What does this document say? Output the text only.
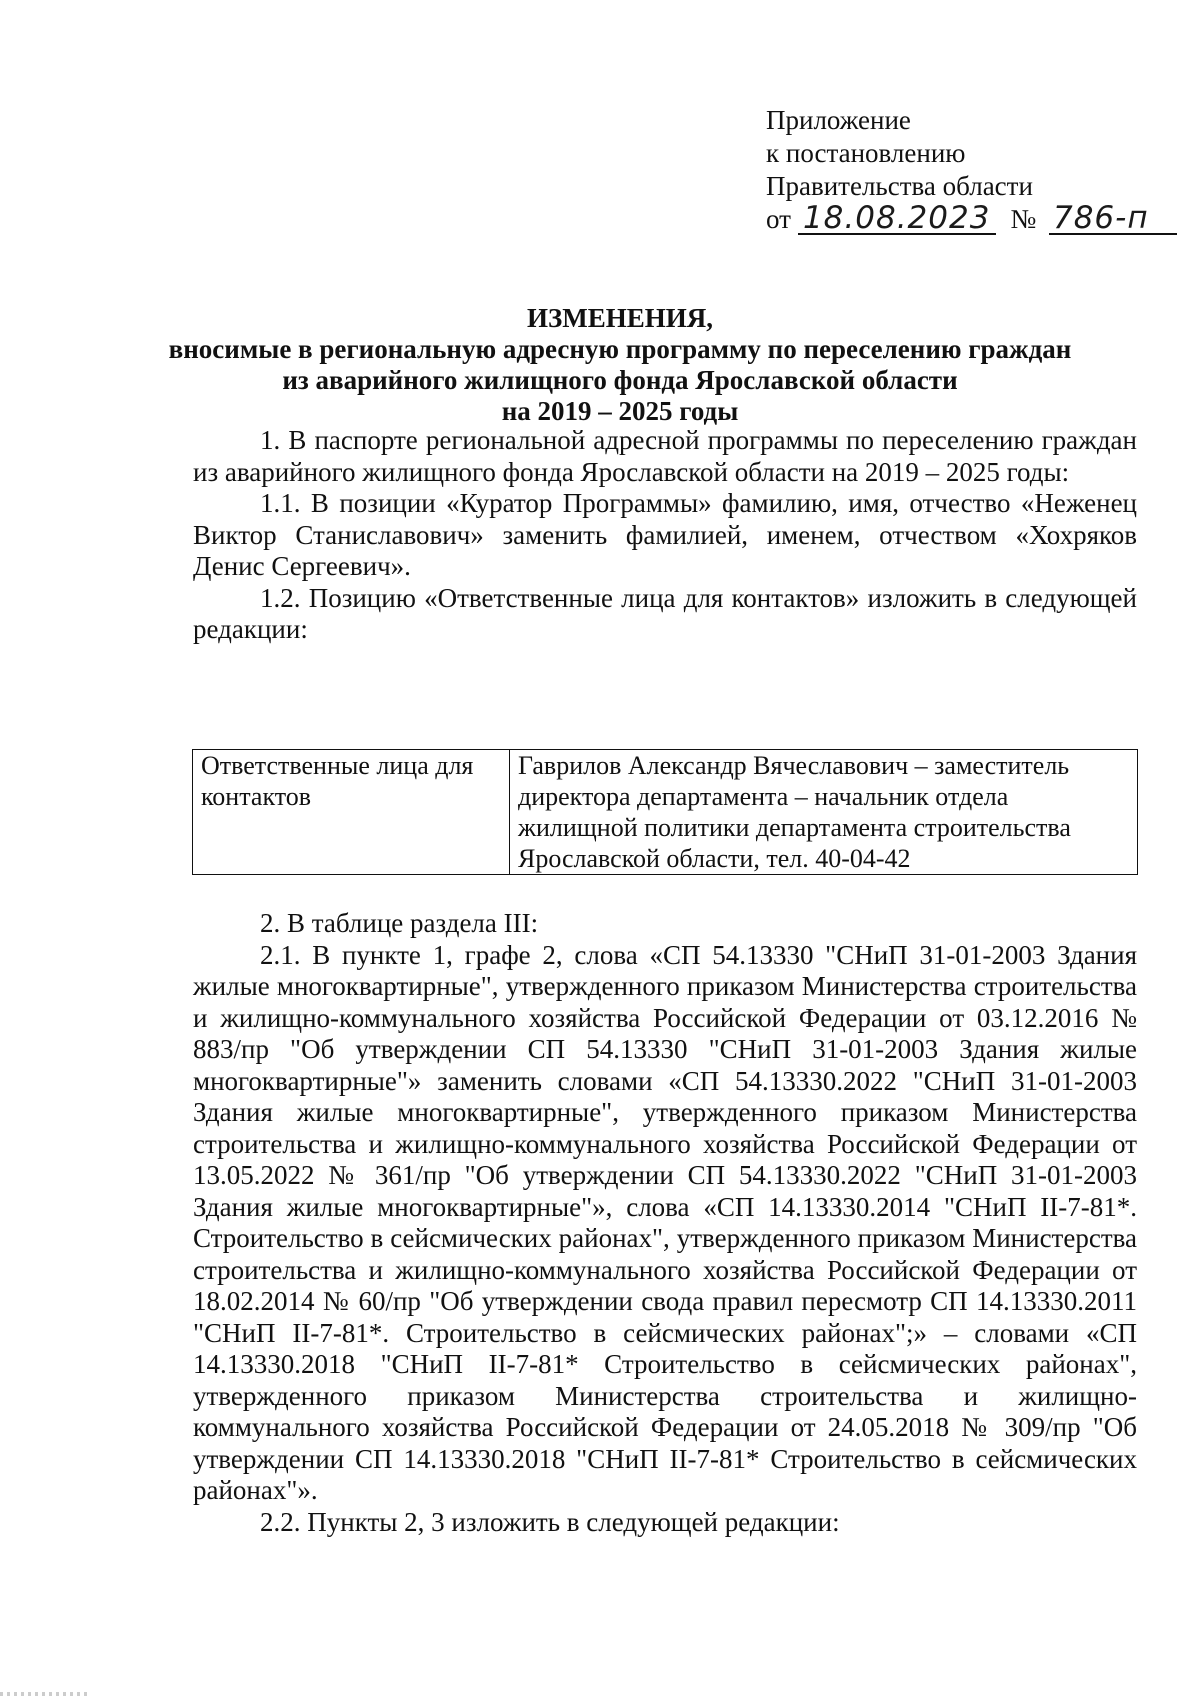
Приложение
к постановлению
Правительства области
от 18.08.2023 № 786-п
ИЗМЕНЕНИЯ,
вносимые в региональную адресную программу по переселению граждан
из аварийного жилищного фонда Ярославской области
на 2019 – 2025 годы

1. В паспорте региональной адресной программы по переселению граждан из аварийного жилищного фонда Ярославской области на 2019 – 2025 годы:

1.1. В позиции «Куратор Программы» фамилию, имя, отчество «Неженец Виктор Станиславович» заменить фамилией, именем, отчеством «Хохряков Денис Сергеевич».

1.2. Позицию «Ответственные лица для контактов» изложить в следующей редакции:

Ответственные лица для контактов	Гаврилов Александр Вячеславович – заместитель директора департамента – начальник отдела жилищной политики департамента строительства Ярославской области, тел. 40-04-42

2. В таблице раздела III:

2.1. В пункте 1, графе 2, слова «СП 54.13330 "СНиП 31-01-2003 Здания жилые многоквартирные", утвержденного приказом Министерства строительства и жилищно-коммунального хозяйства Российской Федерации от 03.12.2016 № 883/пр "Об утверждении СП 54.13330 "СНиП 31-01-2003 Здания жилые многоквартирные"» заменить словами «СП 54.13330.2022 "СНиП 31-01-2003 Здания жилые многоквартирные", утвержденного приказом Министерства строительства и жилищно-коммунального хозяйства Российской Федерации от 13.05.2022 № 361/пр "Об утверждении СП 54.13330.2022 "СНиП 31-01-2003 Здания жилые многоквартирные"», слова «СП 14.13330.2014 "СНиП II-7-81*. Строительство в сейсмических районах", утвержденного приказом Министерства строительства и жилищно-коммунального хозяйства Российской Федерации от 18.02.2014 № 60/пр "Об утверждении свода правил пересмотр СП 14.13330.2011 "СНиП II-7-81*. Строительство в сейсмических районах";» – словами «СП 14.13330.2018 "СНиП II-7-81* Строительство в сейсмических районах", утвержденного приказом Министерства строительства и жилищно-коммунального хозяйства Российской Федерации от 24.05.2018 № 309/пр "Об утверждении СП 14.13330.2018 "СНиП II-7-81* Строительство в сейсмических районах"».

2.2. Пункты 2, 3 изложить в следующей редакции:
